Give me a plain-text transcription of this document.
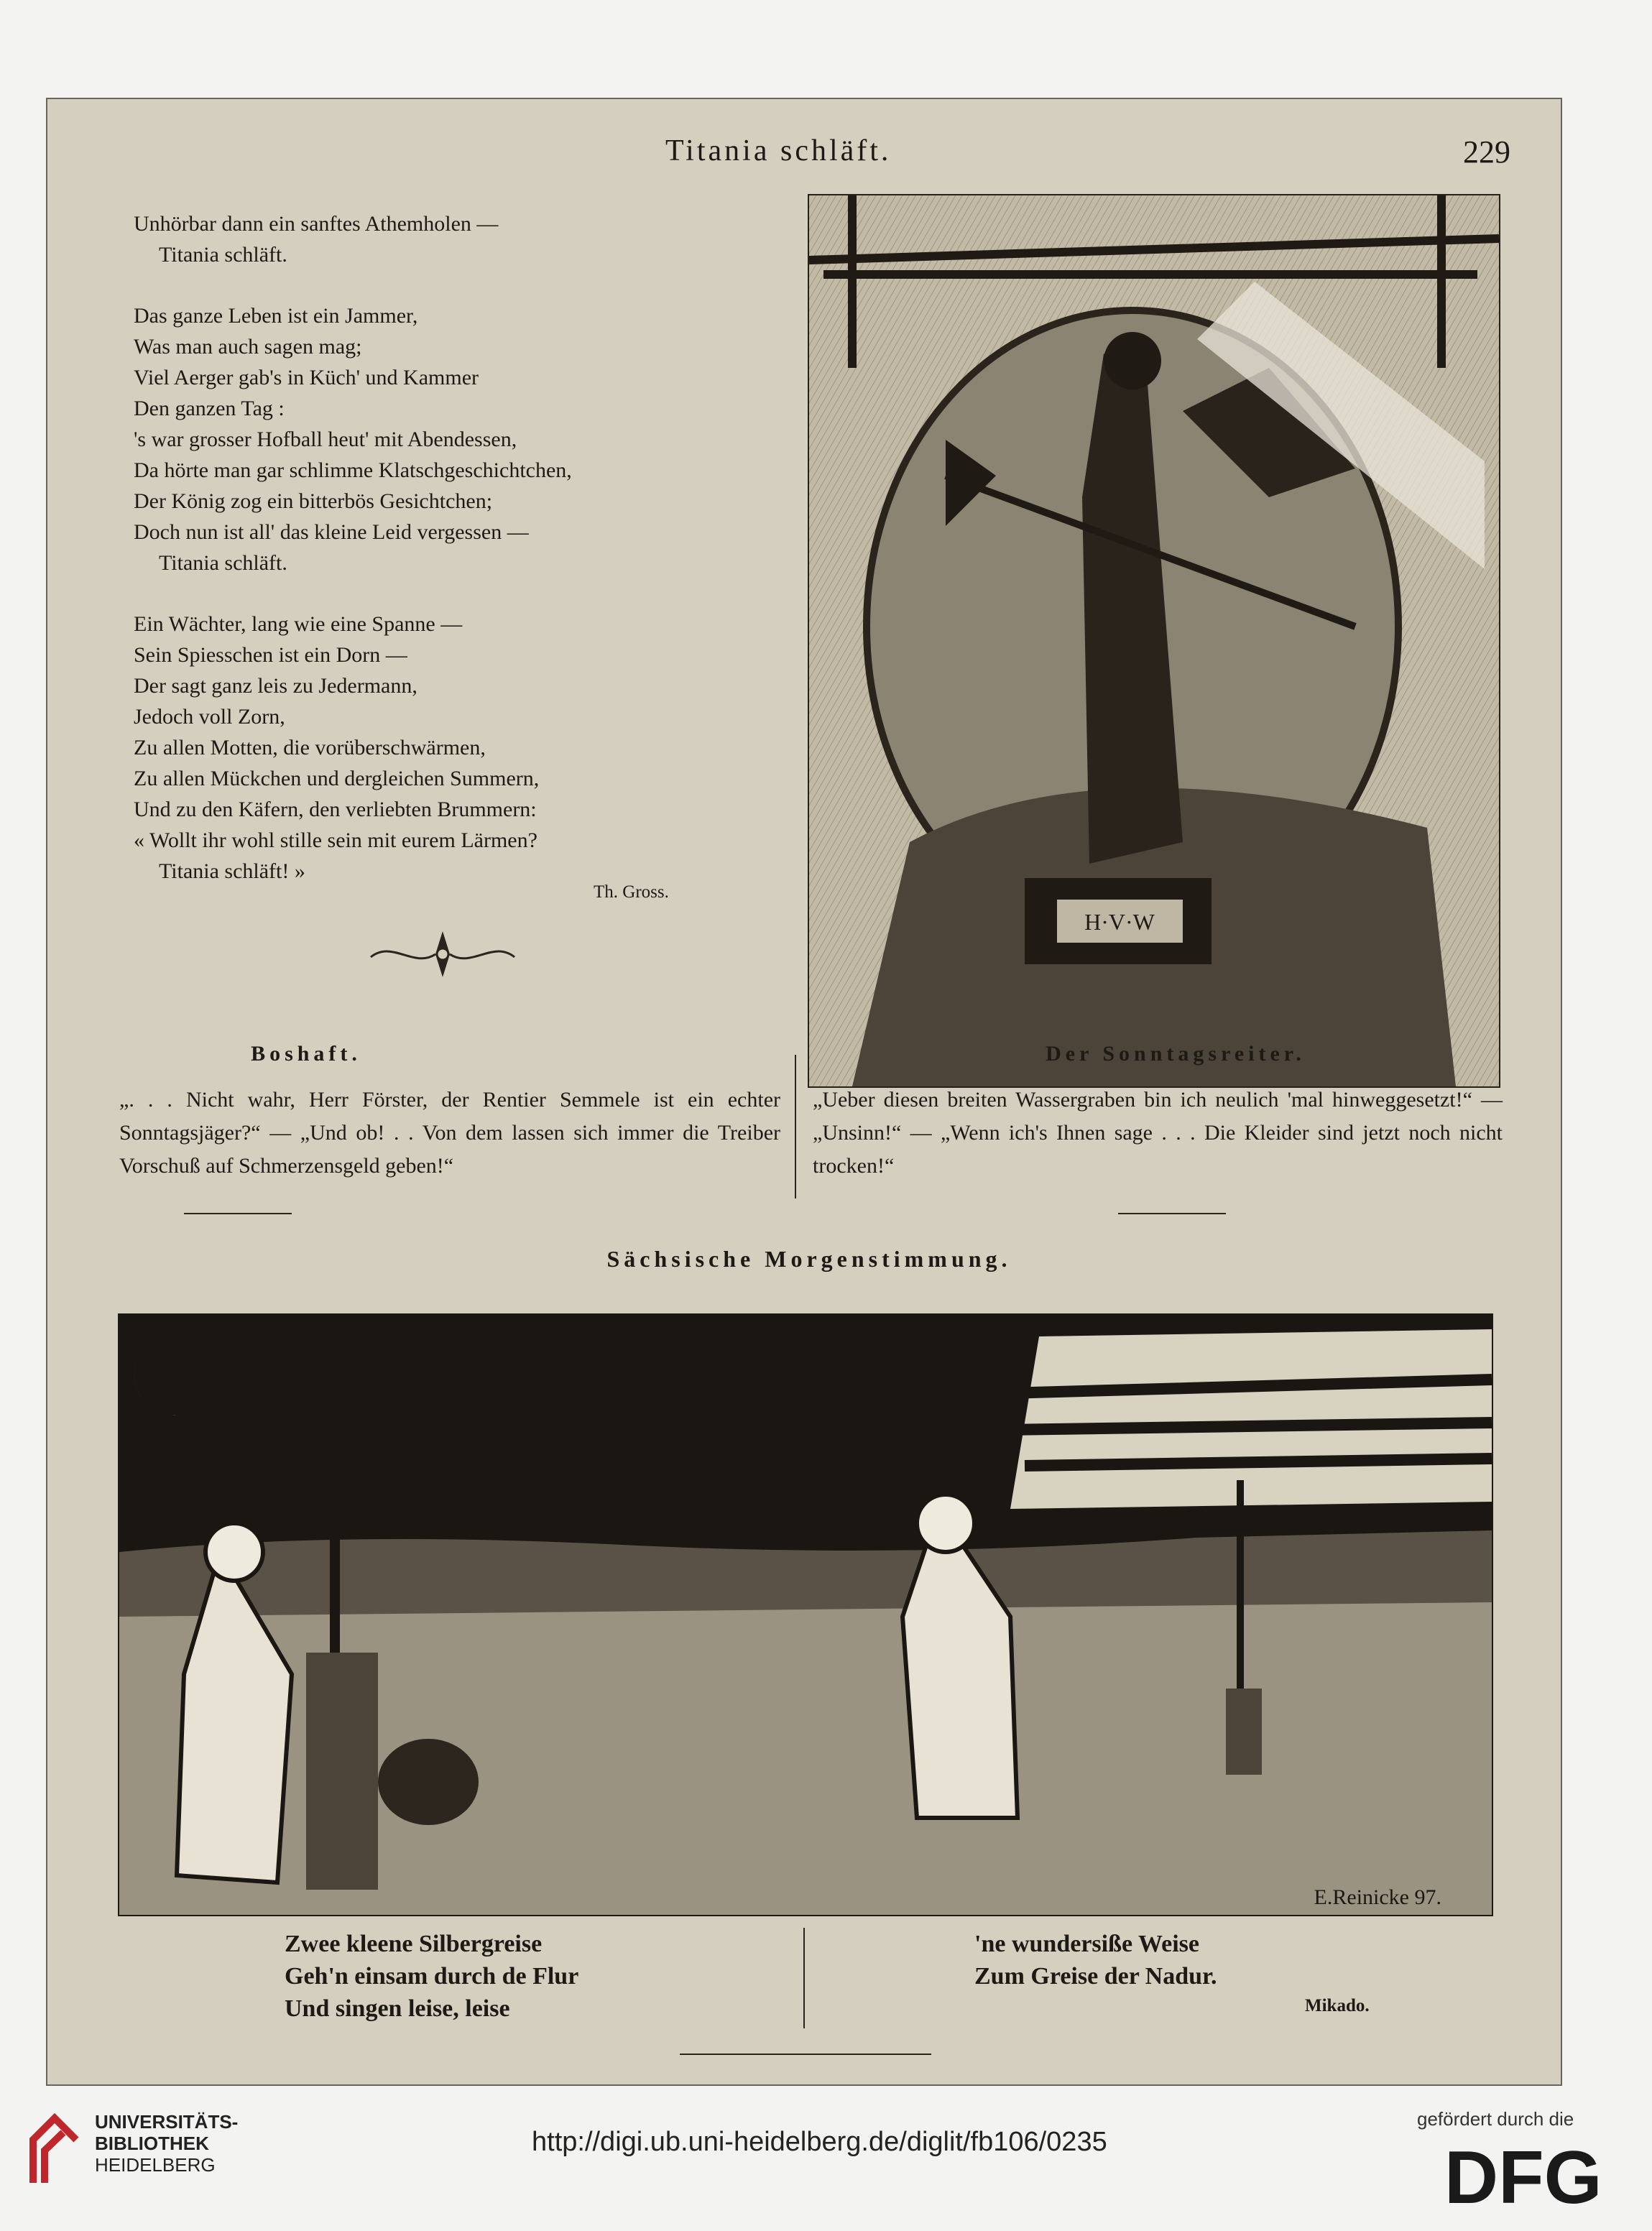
Titania schläft.	229
Unhörbar dann ein sanftes Athemholen —
Titania schläft.
Das ganze Leben ist ein Jammer,
Was man auch sagen mag;
Viel Aerger gab's in Küch' und Kammer
Den ganzen Tag :
's war grosser Hofball heut' mit Abendessen,
Da hörte man gar schlimme Klatschgeschichtchen,
Der König zog ein bitterbös Gesichtchen;
Doch nun ist all' das kleine Leid vergessen —
Titania schläft.
Ein Wächter, lang wie eine Spanne —
Sein Spiesschen ist ein Dorn —
Der sagt ganz leis zu Jedermann,
Jedoch voll Zorn,
Zu allen Motten, die vorüberschwärmen,
Zu allen Mückchen und dergleichen Summern,
Und zu den Käfern, den verliebten Brummern:
« Wollt ihr wohl stille sein mit eurem Lärmen?
Titania schläft! »
Th. Gross.
H·V·W
Boshaft.
„. . . Nicht wahr, Herr Förster, der Rentier Semmele ist ein echter Sonntagsjäger?“ — „Und ob! . . Von dem lassen sich immer die Treiber Vorschuß auf Schmerzensgeld geben!“
Der Sonntagsreiter.
„Ueber diesen breiten Wassergraben bin ich neulich 'mal hinweggesetzt!“ — „Unsinn!“ — „Wenn ich's Ihnen sage . . . Die Kleider sind jetzt noch nicht trocken!“
Sächsische Morgenstimmung.
E.Reinicke 97.
Zwee kleene Silbergreise
Geh'n einsam durch de Flur
Und singen leise, leise
'ne wundersiße Weise
Zum Greise der Nadur.
Mikado.
UNIVERSITÄTS-
BIBLIOTHEK
HEIDELBERG
http://digi.ub.uni-heidelberg.de/diglit/fb106/0235
gefördert durch die
DFG
